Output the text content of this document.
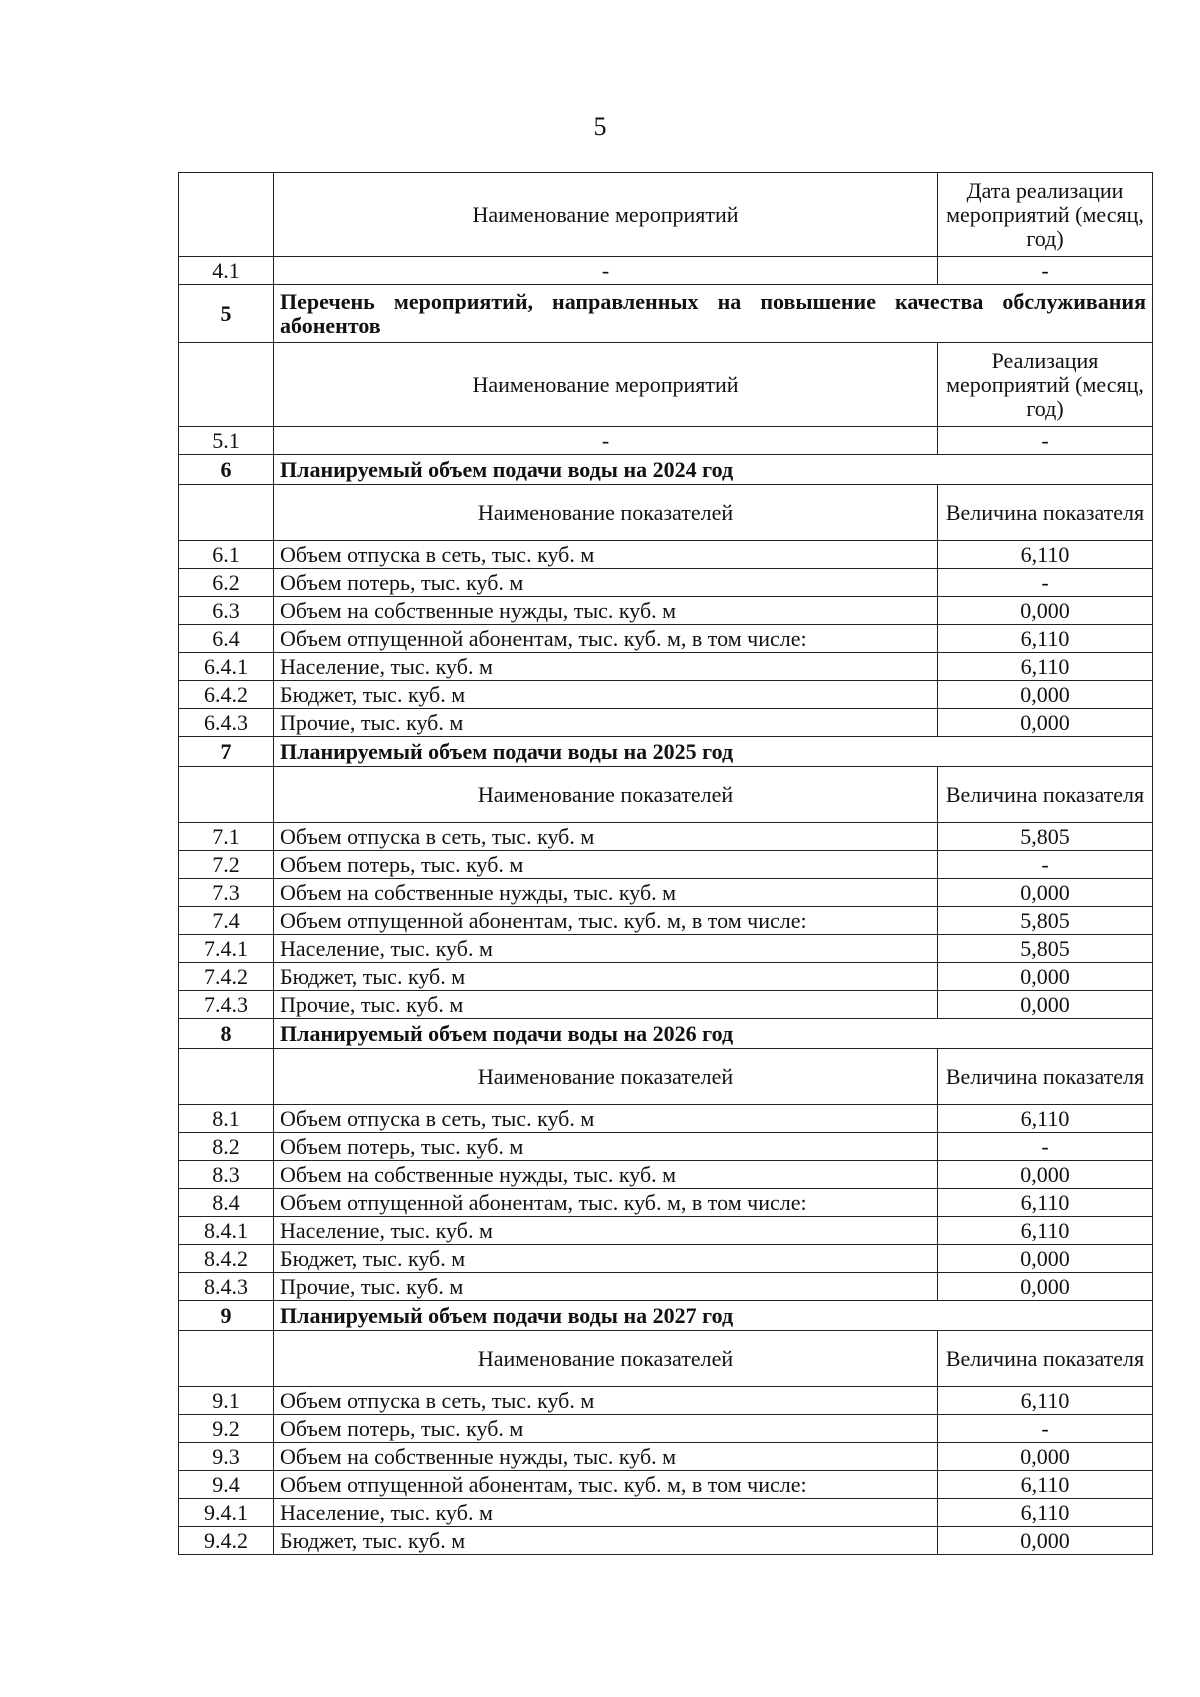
5
	Наименование мероприятий	Дата реализации мероприятий (месяц, год)
4.1	-	-
5	Перечень мероприятий, направленных на повышение качества обслуживания абонентов	
	Наименование мероприятий	Реализация мероприятий (месяц, год)
5.1	-	-
6	Планируемый объем подачи воды на 2024 год	
	Наименование показателей	Величина показателя
6.1	Объем отпуска в сеть, тыс. куб. м	6,110
6.2	Объем потерь, тыс. куб. м	-
6.3	Объем на собственные нужды, тыс. куб. м	0,000
6.4	Объем отпущенной абонентам, тыс. куб. м, в том числе:	6,110
6.4.1	Население, тыс. куб. м	6,110
6.4.2	Бюджет, тыс. куб. м	0,000
6.4.3	Прочие, тыс. куб. м	0,000
7	Планируемый объем подачи воды на 2025 год	
	Наименование показателей	Величина показателя
7.1	Объем отпуска в сеть, тыс. куб. м	5,805
7.2	Объем потерь, тыс. куб. м	-
7.3	Объем на собственные нужды, тыс. куб. м	0,000
7.4	Объем отпущенной абонентам, тыс. куб. м, в том числе:	5,805
7.4.1	Население, тыс. куб. м	5,805
7.4.2	Бюджет, тыс. куб. м	0,000
7.4.3	Прочие, тыс. куб. м	0,000
8	Планируемый объем подачи воды на 2026 год	
	Наименование показателей	Величина показателя
8.1	Объем отпуска в сеть, тыс. куб. м	6,110
8.2	Объем потерь, тыс. куб. м	-
8.3	Объем на собственные нужды, тыс. куб. м	0,000
8.4	Объем отпущенной абонентам, тыс. куб. м, в том числе:	6,110
8.4.1	Население, тыс. куб. м	6,110
8.4.2	Бюджет, тыс. куб. м	0,000
8.4.3	Прочие, тыс. куб. м	0,000
9	Планируемый объем подачи воды на 2027 год	
	Наименование показателей	Величина показателя
9.1	Объем отпуска в сеть, тыс. куб. м	6,110
9.2	Объем потерь, тыс. куб. м	-
9.3	Объем на собственные нужды, тыс. куб. м	0,000
9.4	Объем отпущенной абонентам, тыс. куб. м, в том числе:	6,110
9.4.1	Население, тыс. куб. м	6,110
9.4.2	Бюджет, тыс. куб. м	0,000
